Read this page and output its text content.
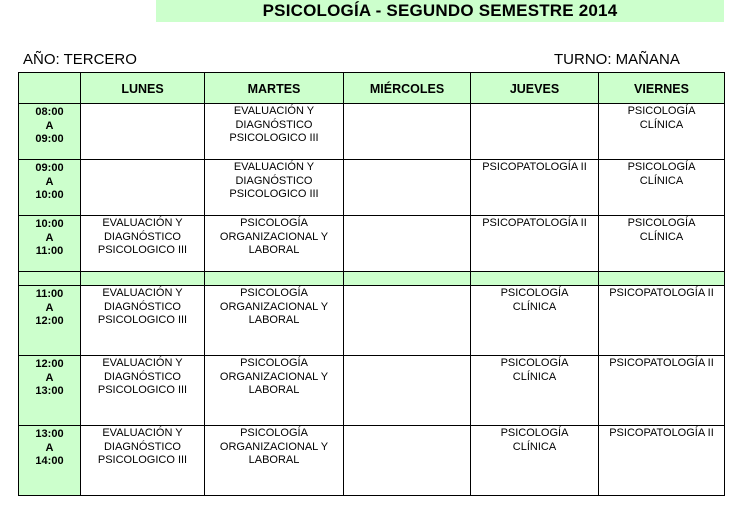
PSICOLOGÍA - SEGUNDO SEMESTRE 2014
AÑO: TERCERO	TURNO: MAÑANA
	LUNES	MARTES	MIÉRCOLES	JUEVES	VIERNES

08:00
A
09:00		EVALUACIÓN Y
DIAGNÓSTICO
PSICOLOGICO III			PSICOLOGÍA
CLÍNICA

09:00
A
10:00		EVALUACIÓN Y
DIAGNÓSTICO
PSICOLOGICO III		PSICOPATOLOGÍA II	PSICOLOGÍA
CLÍNICA

10:00
A
11:00	EVALUACIÓN Y
DIAGNÓSTICO
PSICOLOGICO III	PSICOLOGÍA
ORGANIZACIONAL Y
LABORAL		PSICOPATOLOGÍA II	PSICOLOGÍA
CLÍNICA

11:00
A
12:00	EVALUACIÓN Y
DIAGNÓSTICO
PSICOLOGICO III	PSICOLOGÍA
ORGANIZACIONAL Y
LABORAL		PSICOLOGÍA
CLÍNICA	PSICOPATOLOGÍA II

12:00
A
13:00	EVALUACIÓN Y
DIAGNÓSTICO
PSICOLOGICO III	PSICOLOGÍA
ORGANIZACIONAL Y
LABORAL		PSICOLOGÍA
CLÍNICA	PSICOPATOLOGÍA II

13:00
A
14:00	EVALUACIÓN Y
DIAGNÓSTICO
PSICOLOGICO III	PSICOLOGÍA
ORGANIZACIONAL Y
LABORAL		PSICOLOGÍA
CLÍNICA	PSICOPATOLOGÍA II
